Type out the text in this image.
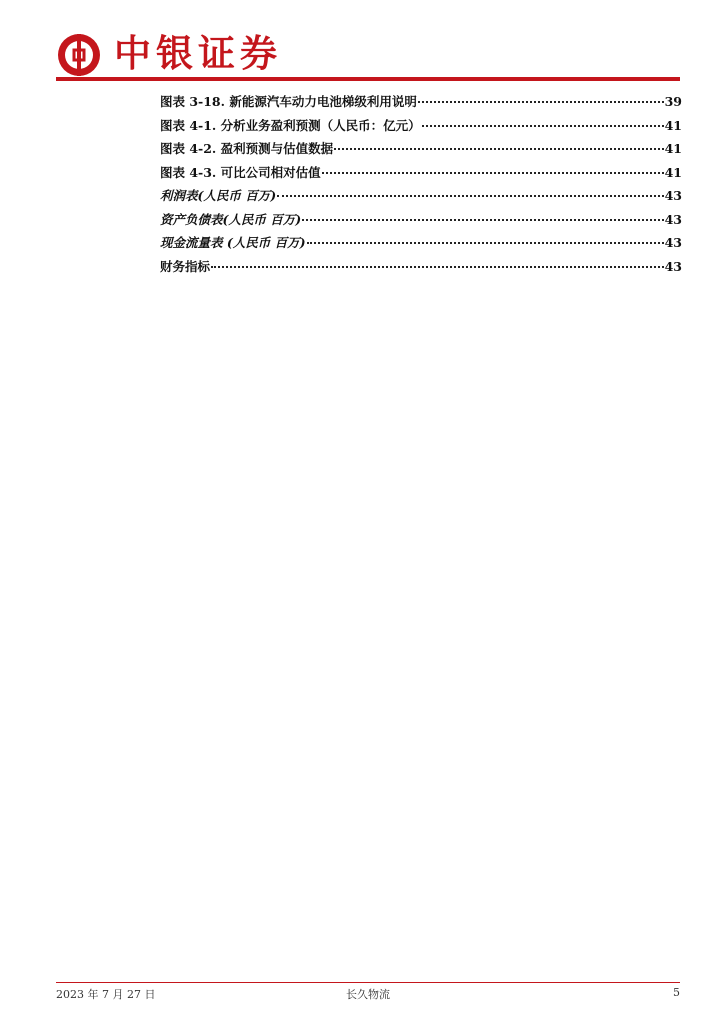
中银证券
图表 3-18. 新能源汽车动力电池梯级利用说明	39
图表 4-1. 分析业务盈利预测（人民币：亿元）	41
图表 4-2. 盈利预测与估值数据	41
图表 4-3. 可比公司相对估值	41
利润表(人民币 百万)	43
资产负债表(人民币 百万)	43
现金流量表 (人民币 百万)	43
财务指标	43
2023 年 7 月 27 日	长久物流	5
